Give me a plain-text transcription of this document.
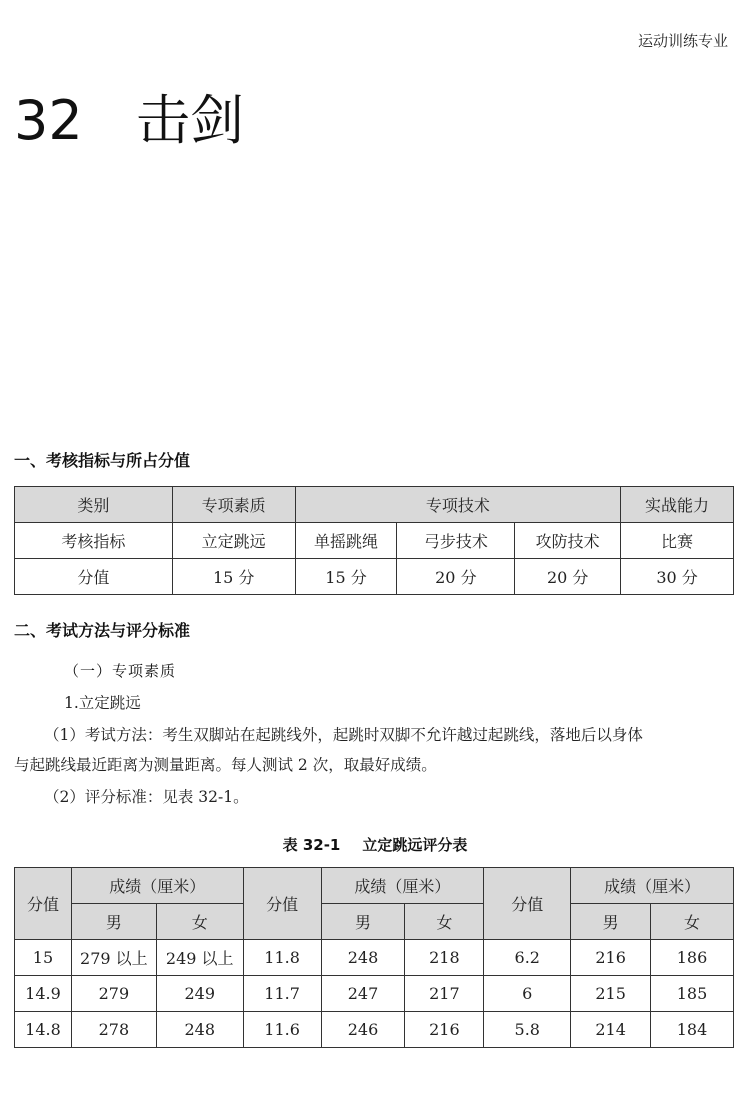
运动训练专业
32 击剑
一、考核指标与所占分值
类别	专项素质	专项技术			实战能力
考核指标	立定跳远	单摇跳绳	弓步技术	攻防技术	比赛
分值	15 分	15 分	20 分	20 分	30 分
二、考试方法与评分标准
（一）专项素质
1.立定跳远
（1）考试方法：考生双脚站在起跳线外，起跳时双脚不允许越过起跳线，落地后以身体
与起跳线最近距离为测量距离。每人测试 2 次，取最好成绩。
（2）评分标准：见表 32-1。
表 32-1 立定跳远评分表
分值	成绩（厘米）		分值	成绩（厘米）		分值	成绩（厘米）	
	男	女		男	女		男	女
15	279 以上	249 以上	11.8	248	218	6.2	216	186
14.9	279	249	11.7	247	217	6	215	185
14.8	278	248	11.6	246	216	5.8	214	184
